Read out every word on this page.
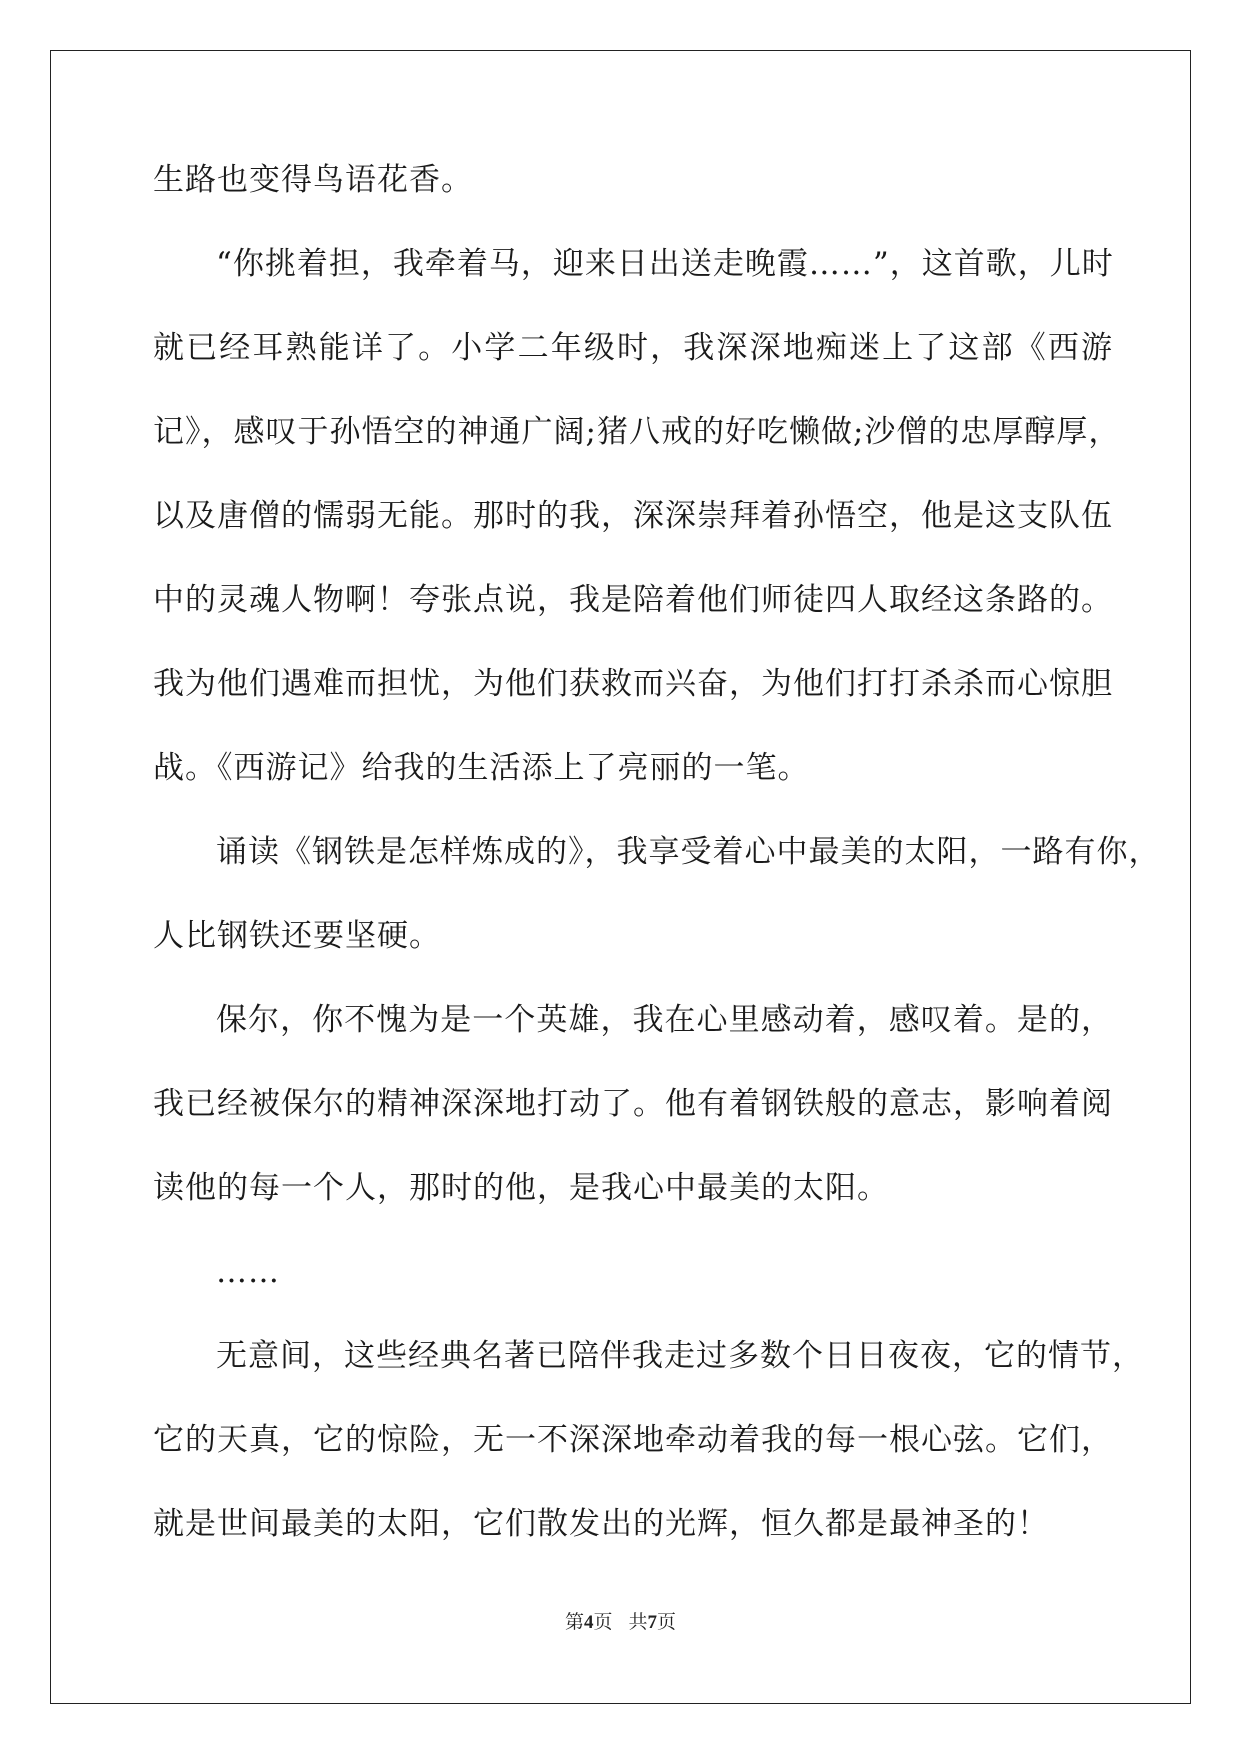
生路也变得鸟语花香。
“你挑着担，我牵着马，迎来日出送走晚霞……”，这首歌，儿时
就已经耳熟能详了。小学二年级时，我深深地痴迷上了这部《西游
记》，感叹于孙悟空的神通广阔;猪八戒的好吃懒做;沙僧的忠厚醇厚，
以及唐僧的懦弱无能。那时的我，深深崇拜着孙悟空，他是这支队伍
中的灵魂人物啊！夸张点说，我是陪着他们师徒四人取经这条路的。
我为他们遇难而担忧，为他们获救而兴奋，为他们打打杀杀而心惊胆
战。《西游记》给我的生活添上了亮丽的一笔。
诵读《钢铁是怎样炼成的》，我享受着心中最美的太阳，一路有你，
人比钢铁还要坚硬。
保尔，你不愧为是一个英雄，我在心里感动着，感叹着。是的，
我已经被保尔的精神深深地打动了。他有着钢铁般的意志，影响着阅
读他的每一个人，那时的他，是我心中最美的太阳。
……
无意间，这些经典名著已陪伴我走过多数个日日夜夜，它的情节，
它的天真，它的惊险，无一不深深地牵动着我的每一根心弦。它们，
就是世间最美的太阳，它们散发出的光辉，恒久都是最神圣的！
第4页 共7页
